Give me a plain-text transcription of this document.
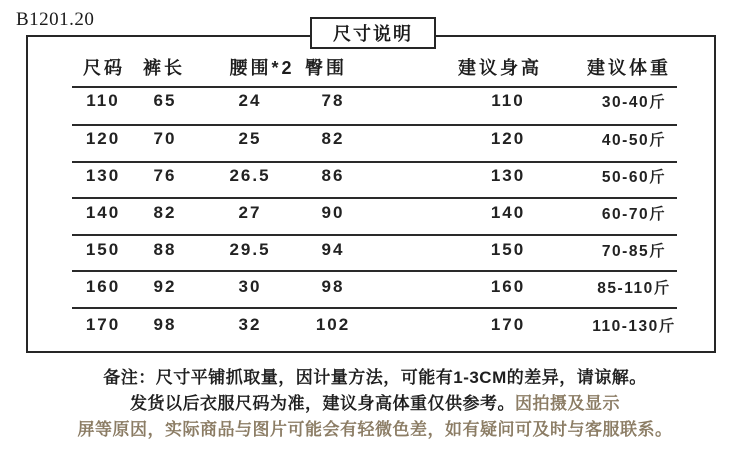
B1201.20
尺寸说明
尺码 裤长 腰围*2 臀围	建议身高	建议体重
110 65	24	78	110	30-40斤
120 70	25	82	120	40-50斤
130 76	26.5	86	130	50-60斤
140 82	27	90	140	60-70斤
150 88	29.5	94	150	70-85斤
160 92	30	98	160	85-110斤
170 98	32	102	170	110-130斤
备注：尺寸平铺抓取量，因计量方法，可能有1-3CM的差异，请谅解。
发货以后衣服尺码为准，建议身高体重仅供参考。因拍摄及显示
屏等原因，实际商品与图片可能会有轻微色差，如有疑问可及时与客服联系。
